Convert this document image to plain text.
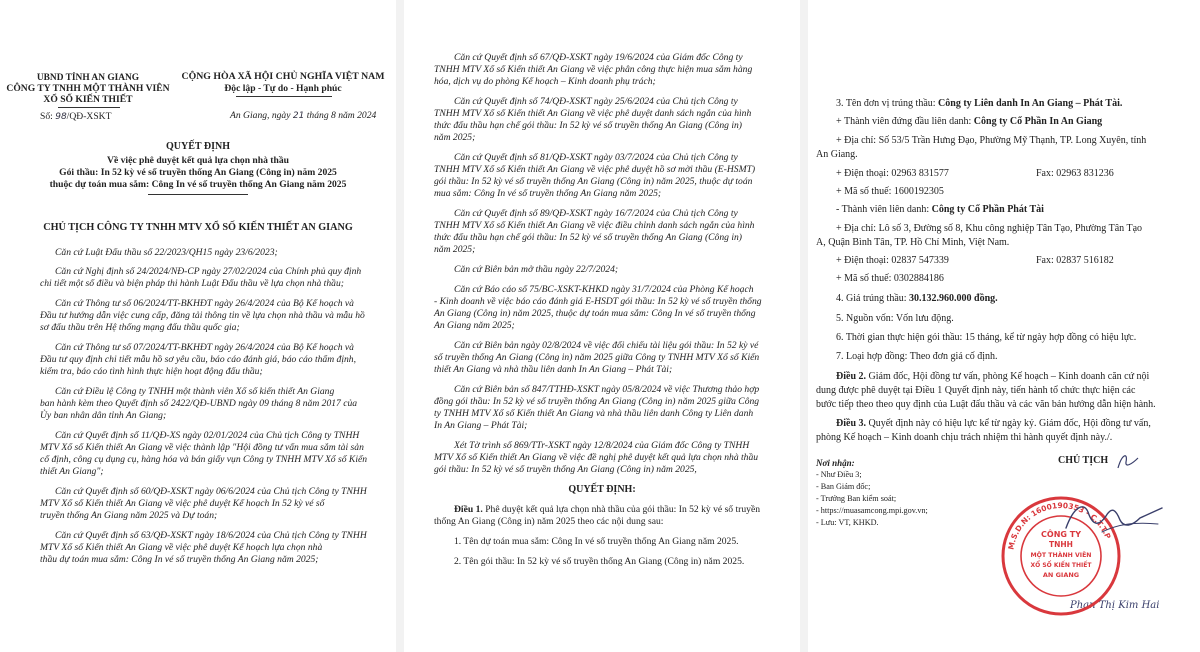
UBND TỈNH AN GIANG
CÔNG TY TNHH MỘT THÀNH VIÊN
XỔ SỐ KIẾN THIẾT
Số: 98/QĐ-XSKT
CỘNG HÒA XÃ HỘI CHỦ NGHĨA VIỆT NAM
Độc lập - Tự do - Hạnh phúc
An Giang, ngày 21 tháng 8 năm 2024
QUYẾT ĐỊNH
Về việc phê duyệt kết quả lựa chọn nhà thầu
Gói thầu: In 52 kỳ vé số truyền thống An Giang (Công in) năm 2025
thuộc dự toán mua sắm: Công In vé số truyền thống An Giang năm 2025
CHỦ TỊCH CÔNG TY TNHH MTV XỔ SỐ KIẾN THIẾT AN GIANG
Căn cứ Luật Đấu thầu số 22/2023/QH15 ngày 23/6/2023;
Căn cứ Nghị định số 24/2024/NĐ-CP ngày 27/02/2024 của Chính phủ quy định
chi tiết một số điều và biện pháp thi hành Luật Đấu thầu về lựa chọn nhà thầu;
Căn cứ Thông tư số 06/2024/TT-BKHĐT ngày 26/4/2024 của Bộ Kế hoạch và
Đầu tư hướng dẫn việc cung cấp, đăng tải thông tin về lựa chọn nhà thầu và mẫu hồ
sơ đấu thầu trên Hệ thống mạng đấu thầu quốc gia;
Căn cứ Thông tư số 07/2024/TT-BKHĐT ngày 26/4/2024 của Bộ Kế hoạch và
Đầu tư quy định chi tiết mẫu hồ sơ yêu cầu, báo cáo đánh giá, báo cáo thẩm định,
kiểm tra, báo cáo tình hình thực hiện hoạt động đấu thầu;
Căn cứ Điều lệ Công ty TNHH một thành viên Xổ số kiến thiết An Giang
ban hành kèm theo Quyết định số 2422/QĐ-UBND ngày 09 tháng 8 năm 2017 của
Ủy ban nhân dân tỉnh An Giang;
Căn cứ Quyết định số 11/QĐ-XS ngày 02/01/2024 của Chủ tịch Công ty TNHH
MTV Xổ số Kiến thiết An Giang về việc thành lập "Hội đồng tư vấn mua sắm tài sản
cố định, công cụ dụng cụ, hàng hóa và bán giấy vụn Công ty TNHH MTV Xổ số Kiến
thiết An Giang";
Căn cứ Quyết định số 60/QĐ-XSKT ngày 06/6/2024 của Chủ tịch Công ty TNHH
MTV Xổ số Kiến thiết An Giang về việc phê duyệt Kế hoạch In 52 kỳ vé số
truyền thống An Giang năm 2025 và Dự toán;
Căn cứ Quyết định số 63/QĐ-XSKT ngày 18/6/2024 của Chủ tịch Công ty TNHH
MTV Xổ số Kiến thiết An Giang về việc phê duyệt Kế hoạch lựa chọn nhà
thầu dự toán mua sắm: Công In vé số truyền thống An Giang năm 2025;
Căn cứ Quyết định số 67/QĐ-XSKT ngày 19/6/2024 của Giám đốc Công ty
TNHH MTV Xổ số Kiến thiết An Giang về việc phân công thực hiện mua sắm hàng
hóa, dịch vụ do phòng Kế hoạch – Kinh doanh phụ trách;
Căn cứ Quyết định số 74/QĐ-XSKT ngày 25/6/2024 của Chủ tịch Công ty
TNHH MTV Xổ số Kiến thiết An Giang về việc phê duyệt danh sách ngắn của hình
thức đấu thầu hạn chế gói thầu: In 52 kỳ vé số truyền thống An Giang (Công in)
năm 2025;
Căn cứ Quyết định số 81/QĐ-XSKT ngày 03/7/2024 của Chủ tịch Công ty
TNHH MTV Xổ số Kiến thiết An Giang về việc phê duyệt hồ sơ mời thầu (E-HSMT)
gói thầu: In 52 kỳ vé số truyền thống An Giang (Công in) năm 2025, thuộc dự toán
mua sắm: Công In vé số truyền thống An Giang năm 2025;
Căn cứ Quyết định số 89/QĐ-XSKT ngày 16/7/2024 của Chủ tịch Công ty
TNHH MTV Xổ số Kiến thiết An Giang về việc điều chỉnh danh sách ngắn của hình
thức đấu thầu hạn chế gói thầu: In 52 kỳ vé số truyền thống An Giang (Công in)
năm 2025;
Căn cứ Biên bản mở thầu ngày 22/7/2024;
Căn cứ Báo cáo số 75/BC-XSKT-KHKD ngày 31/7/2024 của Phòng Kế hoạch
- Kinh doanh về việc báo cáo đánh giá E-HSDT gói thầu: In 52 kỳ vé số truyền thống
An Giang (Công in) năm 2025, thuộc dự toán mua sắm: Công In vé số truyền thống
An Giang năm 2025;
Căn cứ Biên bản ngày 02/8/2024 về việc đối chiếu tài liệu gói thầu: In 52 kỳ vé
số truyền thống An Giang (Công in) năm 2025 giữa Công ty TNHH MTV Xổ số Kiến
thiết An Giang và nhà thầu liên danh In An Giang – Phát Tài;
Căn cứ Biên bản số 847/TTHĐ-XSKT ngày 05/8/2024 về việc Thương thảo hợp
đồng gói thầu: In 52 kỳ vé số truyền thống An Giang (Công in) năm 2025 giữa Công
ty TNHH MTV Xổ số Kiến thiết An Giang và nhà thầu liên danh Công ty Liên danh
In An Giang – Phát Tài;
Xét Tờ trình số 869/TTr-XSKT ngày 12/8/2024 của Giám đốc Công ty TNHH
MTV Xổ số Kiến thiết An Giang về việc đề nghị phê duyệt kết quả lựa chọn nhà thầu
gói thầu: In 52 kỳ vé số truyền thống An Giang (Công in) năm 2025,
QUYẾT ĐỊNH:
Điều 1. Phê duyệt kết quả lựa chọn nhà thầu của gói thầu: In 52 kỳ vé số truyền
thống An Giang (Công in) năm 2025 theo các nội dung sau:
1. Tên dự toán mua sắm: Công In vé số truyền thống An Giang năm 2025.
2. Tên gói thầu: In 52 kỳ vé số truyền thống An Giang (Công in) năm 2025.
3. Tên đơn vị trúng thầu: Công ty Liên danh In An Giang – Phát Tài.
+ Thành viên đứng đầu liên danh: Công ty Cổ Phần In An Giang
+ Địa chỉ: Số 53/5 Trần Hưng Đạo, Phường Mỹ Thạnh, TP. Long Xuyên, tỉnh
An Giang.
+ Điện thoại: 02963 831577	Fax: 02963 831236
+ Mã số thuế: 1600192305
- Thành viên liên danh: Công ty Cổ Phần Phát Tài
+ Địa chỉ: Lô số 3, Đường số 8, Khu công nghiệp Tân Tạo, Phường Tân Tạo
A, Quận Bình Tân, TP. Hồ Chí Minh, Việt Nam.
+ Điện thoại: 02837 547339	Fax: 02837 516182
+ Mã số thuế: 0302884186
4. Giá trúng thầu: 30.132.960.000 đồng.
5. Nguồn vốn: Vốn lưu động.
6. Thời gian thực hiện gói thầu: 15 tháng, kể từ ngày hợp đồng có hiệu lực.
7. Loại hợp đồng: Theo đơn giá cố định.
Điều 2. Giám đốc, Hội đồng tư vấn, phòng Kế hoạch – Kinh doanh căn cứ nội
dung được phê duyệt tại Điều 1 Quyết định này, tiến hành tổ chức thực hiện các
bước tiếp theo theo quy định của Luật đấu thầu và các văn bản hướng dẫn hiện hành.
Điều 3. Quyết định này có hiệu lực kể từ ngày ký. Giám đốc, Hội đồng tư vấn,
phòng Kế hoạch – Kinh doanh chịu trách nhiệm thi hành quyết định này./.
Nơi nhận:
- Như Điều 3;
- Ban Giám đốc;
- Trưởng Ban kiểm soát;
- https://muasamcong.mpi.gov.vn;
- Lưu: VT, KHKD.
CHỦ TỊCH
Phan Thị Kim Hai
M.S.D.N: 1600190353 - C.T.T.P
CÔNG TY
TNHH
MỘT THÀNH VIÊN
XỔ SỐ KIẾN THIẾT
AN GIANG
